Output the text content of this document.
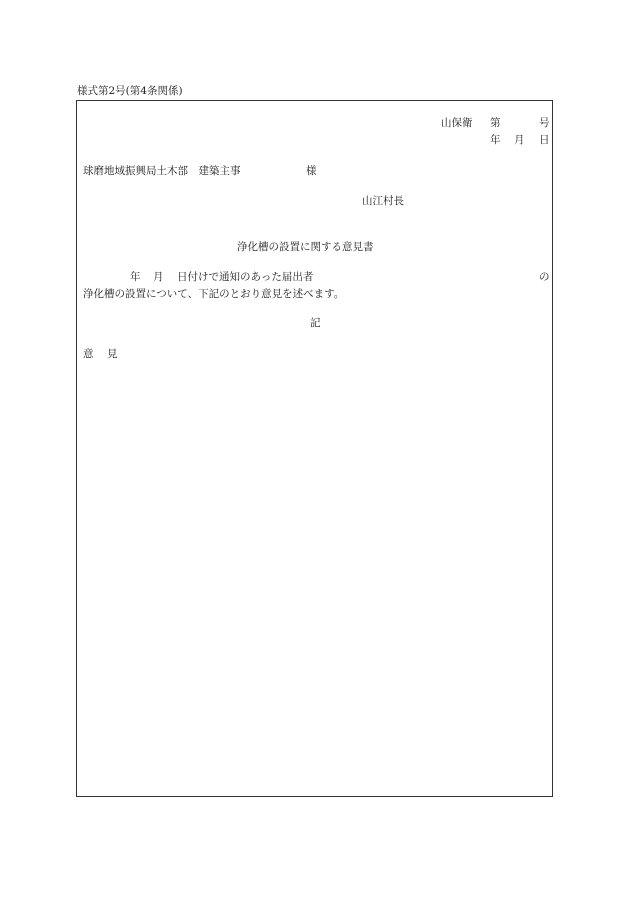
様式第2号(第4条関係)
山保衛 第	号
年 月 日
球磨地域振興局土木部　建築主事	様
山江村長
浄化槽の設置に関する意見書
年 月 日付けで通知のあった届出者	の
浄化槽の設置について、下記のとおり意見を述べます。
記
意 見
